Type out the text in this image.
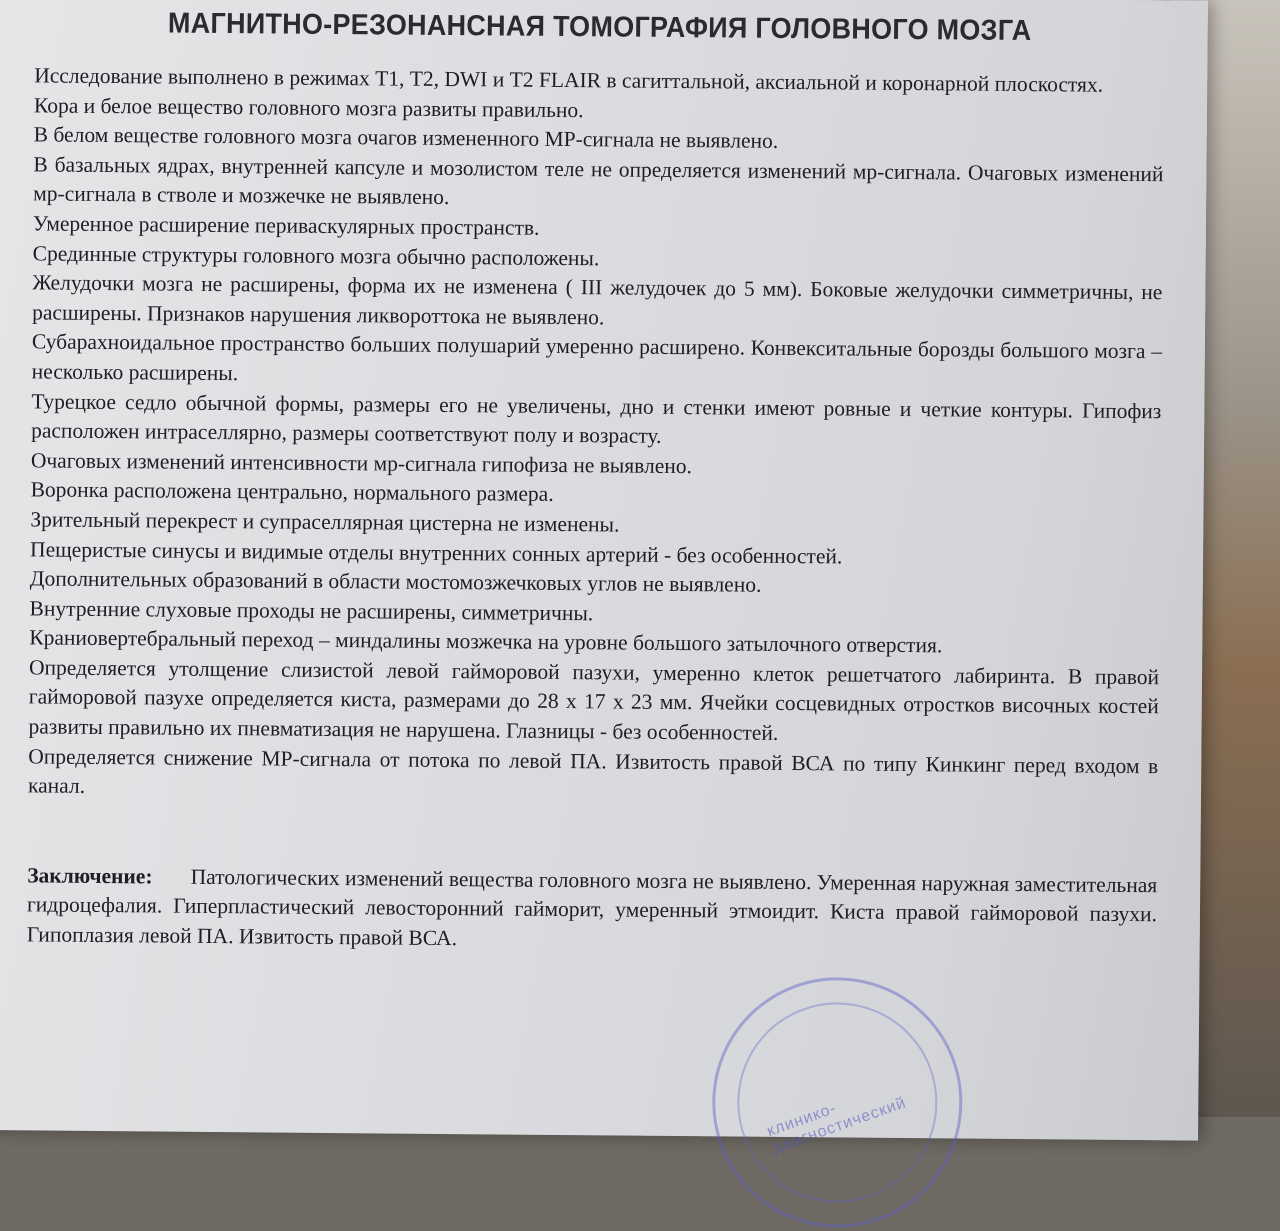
МАГНИТНО-РЕЗОНАНСНАЯ ТОМОГРАФИЯ ГОЛОВНОГО МОЗГА

Исследование выполнено в режимах Т1, Т2, DWI и Т2 FLAIR в сагиттальной, аксиальной и коронарной плоскостях.

Кора и белое вещество головного мозга развиты правильно.

В белом веществе головного мозга очагов измененного МР-сигнала не выявлено.

В базальных ядрах, внутренней капсуле и мозолистом теле не определяется изменений мр-сигнала. Очаговых изменений мр-сигнала в стволе и мозжечке не выявлено.

Умеренное расширение периваскулярных пространств.

Срединные структуры головного мозга обычно расположены.

Желудочки мозга не расширены, форма их не изменена ( III желудочек до 5 мм). Боковые желудочки симметричны, не расширены. Признаков нарушения ликвороттока не выявлено.

Субарахноидальное пространство больших полушарий умеренно расширено. Конвекситальные борозды большого мозга – несколько расширены.

Турецкое седло обычной формы, размеры его не увеличены, дно и стенки имеют ровные и четкие контуры. Гипофиз расположен интраселлярно, размеры соответствуют полу и возрасту.

Очаговых изменений интенсивности мр-сигнала гипофиза не выявлено.

Воронка расположена центрально, нормального размера.

Зрительный перекрест и супраселлярная цистерна не изменены.

Пещеристые синусы и видимые отделы внутренних сонных артерий - без особенностей.

Дополнительных образований в области мостомозжечковых углов не выявлено.

Внутренние слуховые проходы не расширены, симметричны.

Краниовертебральный переход – миндалины мозжечка на уровне большого затылочного отверстия.

Определяется утолщение слизистой левой гайморовой пазухи, умеренно клеток решетчатого лабиринта. В правой гайморовой пазухе определяется киста, размерами до 28 х 17 х 23 мм. Ячейки сосцевидных отростков височных костей развиты правильно их пневматизация не нарушена. Глазницы - без особенностей.

Определяется снижение МР-сигнала от потока по левой ПА. Извитость правой ВСА по типу Кинкинг перед входом в канал.

Заключение: Патологических изменений вещества головного мозга не выявлено. Умеренная наружная заместительная гидроцефалия. Гиперпластический левосторонний гайморит, умеренный этмоидит. Киста правой гайморовой пазухи. Гипоплазия левой ПА. Извитость правой ВСА.

клинико-диагностический
